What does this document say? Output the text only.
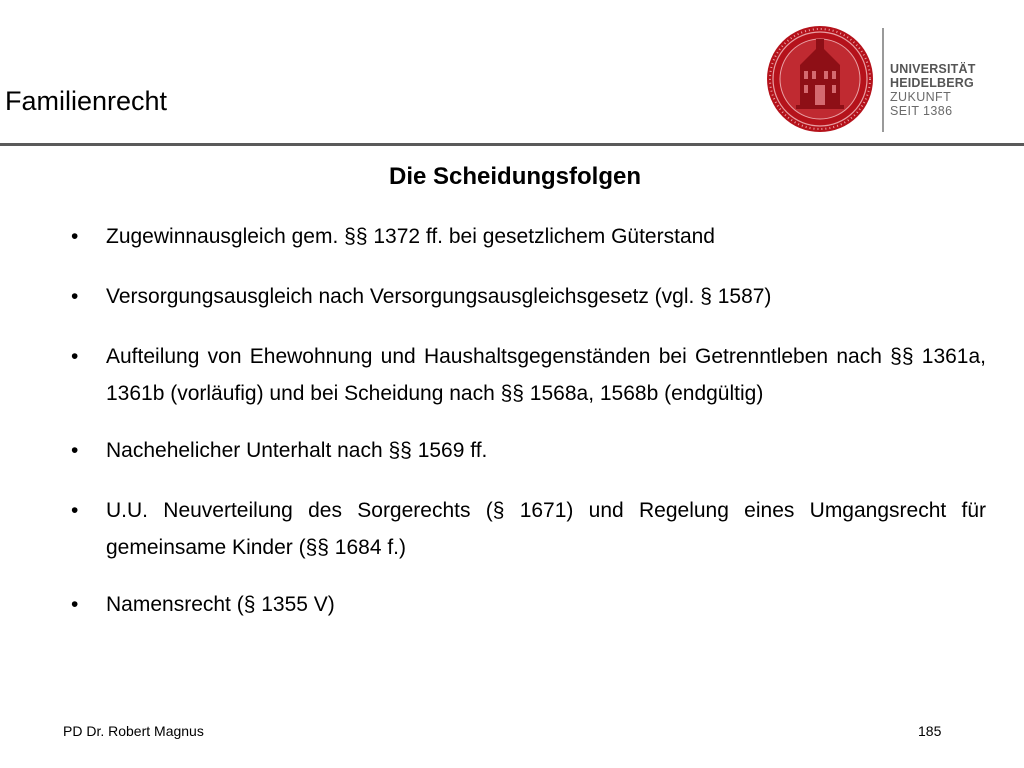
Familienrecht
UNIVERSITÄT
HEIDELBERG
ZUKUNFT
SEIT 1386
Die Scheidungsfolgen
• Zugewinnausgleich gem. §§ 1372 ff. bei gesetzlichem Güterstand
• Versorgungsausgleich nach Versorgungsausgleichsgesetz (vgl. § 1587)
• Aufteilung von Ehewohnung und Haushaltsgegenständen bei Getrenntleben nach §§ 1361a, 1361b (vorläufig) und bei Scheidung nach §§ 1568a, 1568b (endgültig)
• Nachehelicher Unterhalt nach §§ 1569 ff.
• U.U. Neuverteilung des Sorgerechts (§ 1671) und Regelung eines Umgangsrecht für gemeinsame Kinder (§§ 1684 f.)
• Namensrecht (§ 1355 V)
PD Dr. Robert Magnus	185
